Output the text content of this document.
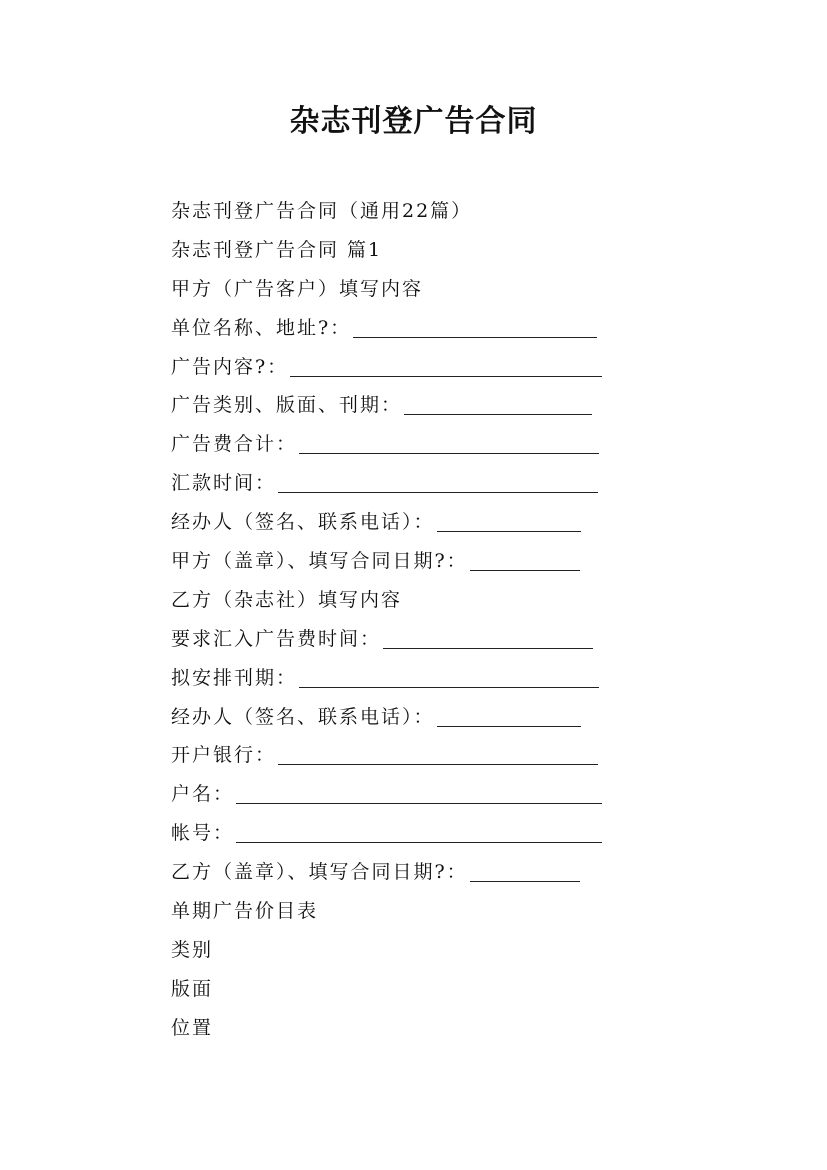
杂志刊登广告合同
杂志刊登广告合同（通用22篇）
杂志刊登广告合同 篇1
甲方（广告客户）填写内容
单位名称、地址?：
广告内容?：
广告类别、版面、刊期：
广告费合计：
汇款时间：
经办人（签名、联系电话）：
甲方（盖章）、填写合同日期?：
乙方（杂志社）填写内容
要求汇入广告费时间：
拟安排刊期：
经办人（签名、联系电话）：
开户银行：
户名：
帐号：
乙方（盖章）、填写合同日期?：
单期广告价目表
类别
版面
位置
